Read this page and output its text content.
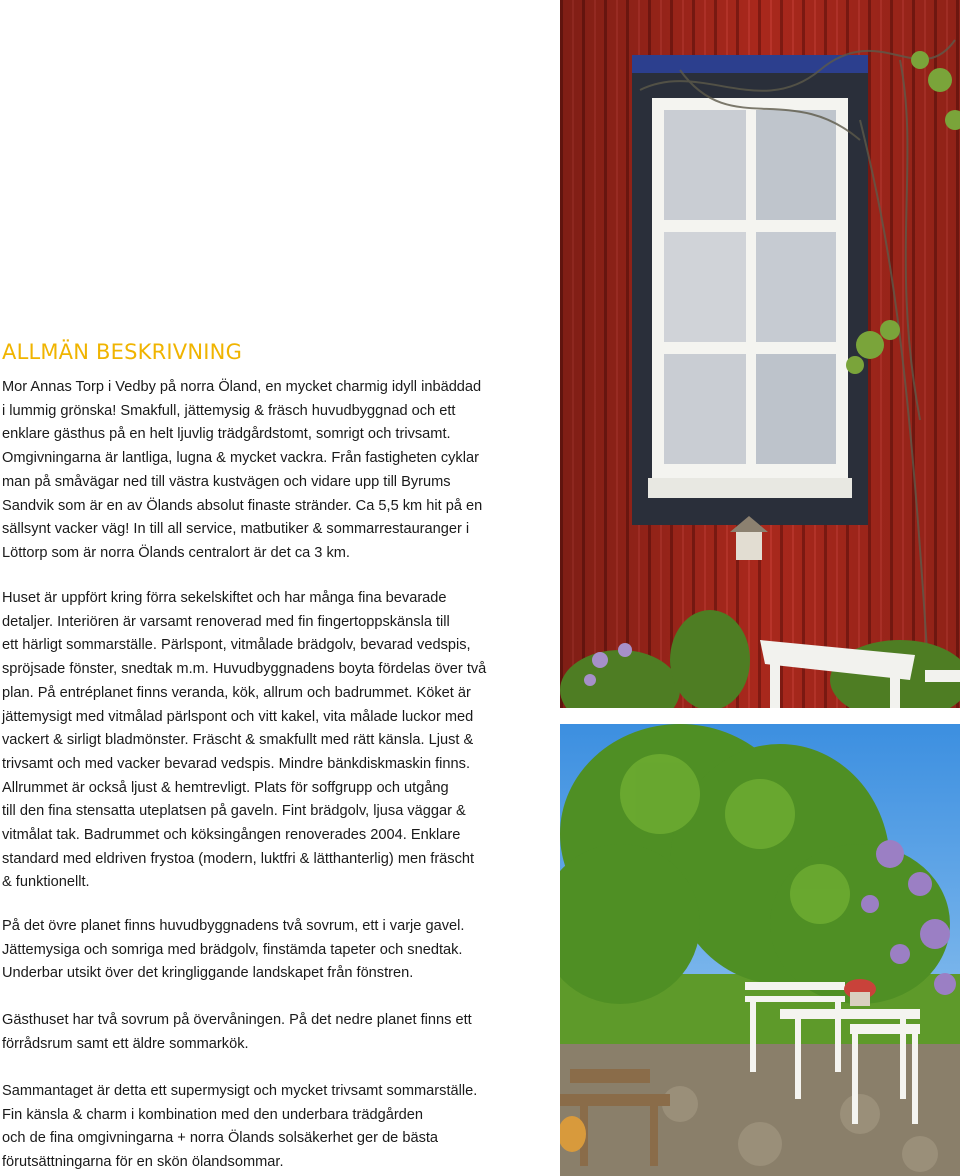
ALLMÄN BESKRIVNING

Mor Annas Torp i Vedby på norra Öland, en mycket charmig idyll inbäddad
i lummig grönska! Smakfull, jättemysig & fräsch huvudbyggnad och ett
enklare gästhus på en helt ljuvlig trädgårdstomt, somrigt och trivsamt.
Omgivningarna är lantliga, lugna & mycket vackra. Från fastigheten cyklar
man på småvägar ned till västra kustvägen och vidare upp till Byrums
Sandvik som är en av Ölands absolut finaste stränder. Ca 5,5 km hit på en
sällsynt vacker väg! In till all service, matbutiker & sommarrestauranger i
Löttorp som är norra Ölands centralort är det ca 3 km.

Huset är uppfört kring förra sekelskiftet och har många fina bevarade
detaljer. Interiören är varsamt renoverad med fin fingertoppskänsla till
ett härligt sommarställe. Pärlspont, vitmålade brädgolv, bevarad vedspis,
spröjsade fönster, snedtak m.m. Huvudbyggnadens boyta fördelas över två
plan. På entréplanet finns veranda, kök, allrum och badrummet. Köket är
jättemysigt med vitmålad pärlspont och vitt kakel, vita målade luckor med
vackert & sirligt bladmönster. Fräscht & smakfullt med rätt känsla. Ljust &
trivsamt och med vacker bevarad vedspis. Mindre bänkdiskmaskin finns.
Allrummet är också ljust & hemtrevligt. Plats för soffgrupp och utgång
till den fina stensatta uteplatsen på gaveln. Fint brädgolv, ljusa väggar &
vitmålat tak. Badrummet och köksingången renoverades 2004. Enklare
standard med eldriven frystoa (modern, luktfri & lätthanterlig) men fräscht
& funktionellt.

På det övre planet finns huvudbyggnadens två sovrum, ett i varje gavel.
Jättemysiga och somriga med brädgolv, finstämda tapeter och snedtak.
Underbar utsikt över det kringliggande landskapet från fönstren.

Gästhuset har två sovrum på övervåningen. På det nedre planet finns ett
förrådsrum samt ett äldre sommarkök.

Sammantaget är detta ett supermysigt och mycket trivsamt sommarställe.
Fin känsla & charm i kombination med den underbara trädgården
och de fina omgivningarna + norra Ölands solsäkerhet ger de bästa
förutsättningarna för en skön ölandsommar.
